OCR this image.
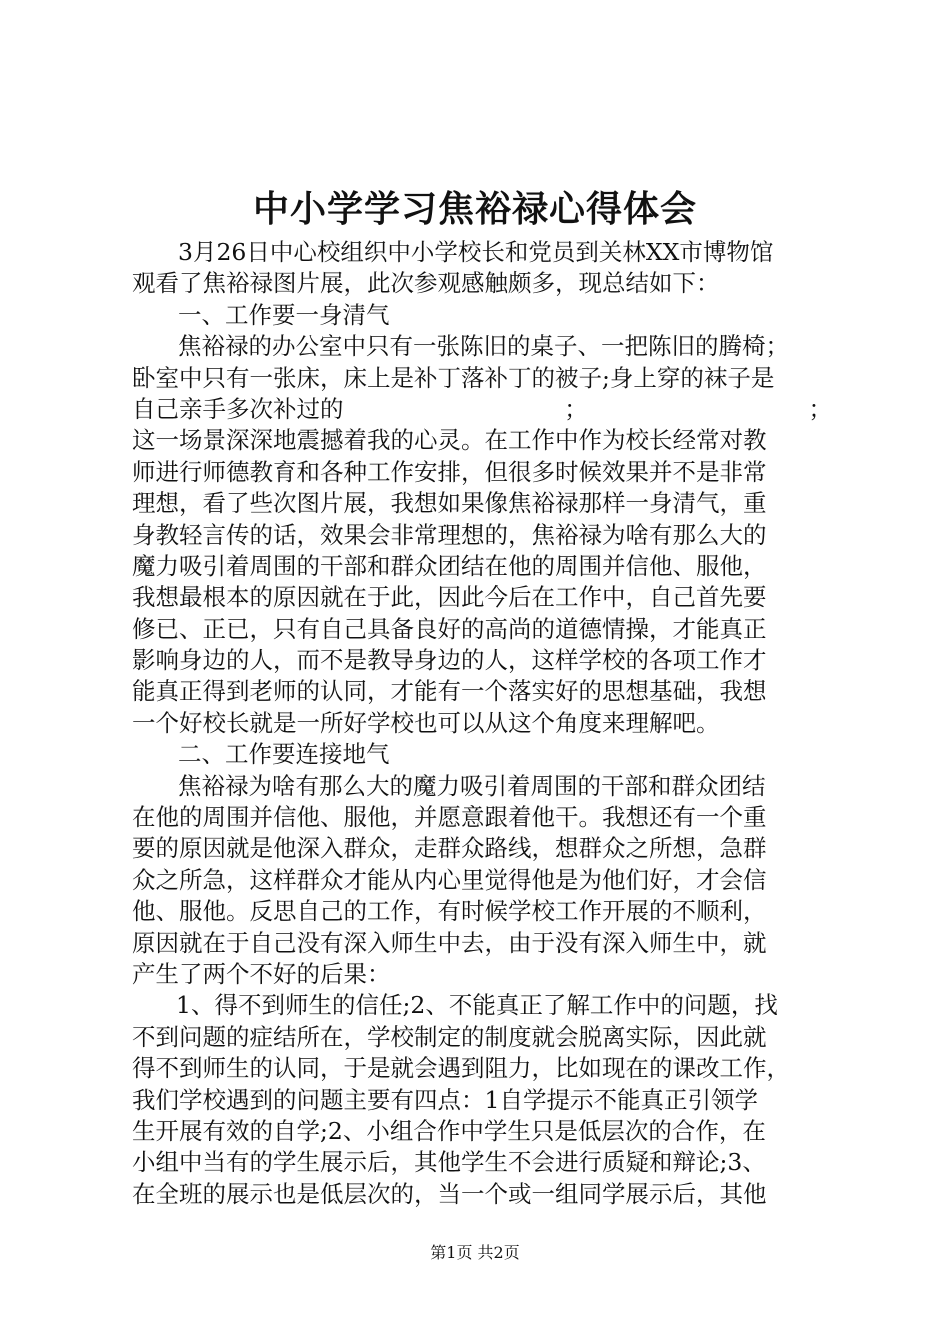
中小学学习焦裕禄心得体会
3月26日中心校组织中小学校长和党员到关林XX市博物馆
观看了焦裕禄图片展，此次参观感触颇多，现总结如下：
一、工作要一身清气
焦裕禄的办公室中只有一张陈旧的桌子、一把陈旧的腾椅；
卧室中只有一张床，床上是补丁落补丁的被子;身上穿的袜子是
自己亲手多次补过的	；	；
这一场景深深地震撼着我的心灵。在工作中作为校长经常对教
师进行师德教育和各种工作安排，但很多时候效果并不是非常
理想，看了些次图片展，我想如果像焦裕禄那样一身清气，重
身教轻言传的话，效果会非常理想的，焦裕禄为啥有那么大的
魔力吸引着周围的干部和群众团结在他的周围并信他、服他，
我想最根本的原因就在于此，因此今后在工作中，自己首先要
修已、正已，只有自己具备良好的高尚的道德情操，才能真正
影响身边的人，而不是教导身边的人，这样学校的各项工作才
能真正得到老师的认同，才能有一个落实好的思想基础，我想
一个好校长就是一所好学校也可以从这个角度来理解吧。
二、工作要连接地气
焦裕禄为啥有那么大的魔力吸引着周围的干部和群众团结
在他的周围并信他、服他，并愿意跟着他干。我想还有一个重
要的原因就是他深入群众，走群众路线，想群众之所想，急群
众之所急，这样群众才能从内心里觉得他是为他们好，才会信
他、服他。反思自己的工作，有时候学校工作开展的不顺利，
原因就在于自己没有深入师生中去，由于没有深入师生中，就
产生了两个不好的后果：
1、得不到师生的信任;2、不能真正了解工作中的问题，找
不到问题的症结所在，学校制定的制度就会脱离实际，因此就
得不到师生的认同，于是就会遇到阻力，比如现在的课改工作，
我们学校遇到的问题主要有四点：1自学提示不能真正引领学
生开展有效的自学;2、小组合作中学生只是低层次的合作，在
小组中当有的学生展示后，其他学生不会进行质疑和辩论;3、
在全班的展示也是低层次的，当一个或一组同学展示后，其他
第1页 共2页
